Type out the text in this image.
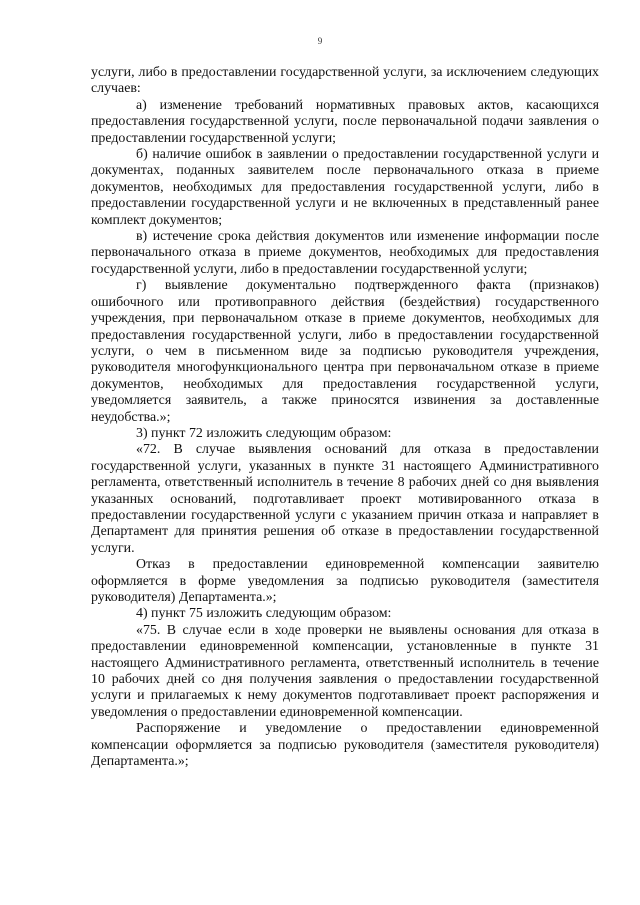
9

услуги, либо в предоставлении государственной услуги, за исключением следующих случаев:

а) изменение требований нормативных правовых актов, касающихся предоставления государственной услуги, после первоначальной подачи заявления о предоставлении государственной услуги;

б) наличие ошибок в заявлении о предоставлении государственной услуги и документах, поданных заявителем после первоначального отказа в приеме документов, необходимых для предоставления государственной услуги, либо в предоставлении государственной услуги и не включенных в представленный ранее комплект документов;

в) истечение срока действия документов или изменение информации после первоначального отказа в приеме документов, необходимых для предоставления государственной услуги, либо в предоставлении государственной услуги;

г) выявление документально подтвержденного факта (признаков) ошибочного или противоправного действия (бездействия) государственного учреждения, при первоначальном отказе в приеме документов, необходимых для предоставления государственной услуги, либо в предоставлении государственной услуги, о чем в письменном виде за подписью руководителя учреждения, руководителя многофункционального центра при первоначальном отказе в приеме документов, необходимых для предоставления государственной услуги, уведомляется заявитель, а также приносятся извинения за доставленные неудобства.»;

3) пункт 72 изложить следующим образом:

«72. В случае выявления оснований для отказа в предоставлении государственной услуги, указанных в пункте 31 настоящего Административного регламента, ответственный исполнитель в течение 8 рабочих дней со дня выявления указанных оснований, подготавливает проект мотивированного отказа в предоставлении государственной услуги с указанием причин отказа и направляет в Департамент для принятия решения об отказе в предоставлении государственной услуги.

Отказ в предоставлении единовременной компенсации заявителю оформляется в форме уведомления за подписью руководителя (заместителя руководителя) Департамента.»;

4) пункт 75 изложить следующим образом:

«75. В случае если в ходе проверки не выявлены основания для отказа в предоставлении единовременной компенсации, установленные в пункте 31 настоящего Административного регламента, ответственный исполнитель в течение 10 рабочих дней со дня получения заявления о предоставлении государственной услуги и прилагаемых к нему документов подготавливает проект распоряжения и уведомления о предоставлении единовременной компенсации.

Распоряжение и уведомление о предоставлении единовременной компенсации оформляется за подписью руководителя (заместителя руководителя) Департамента.»;
